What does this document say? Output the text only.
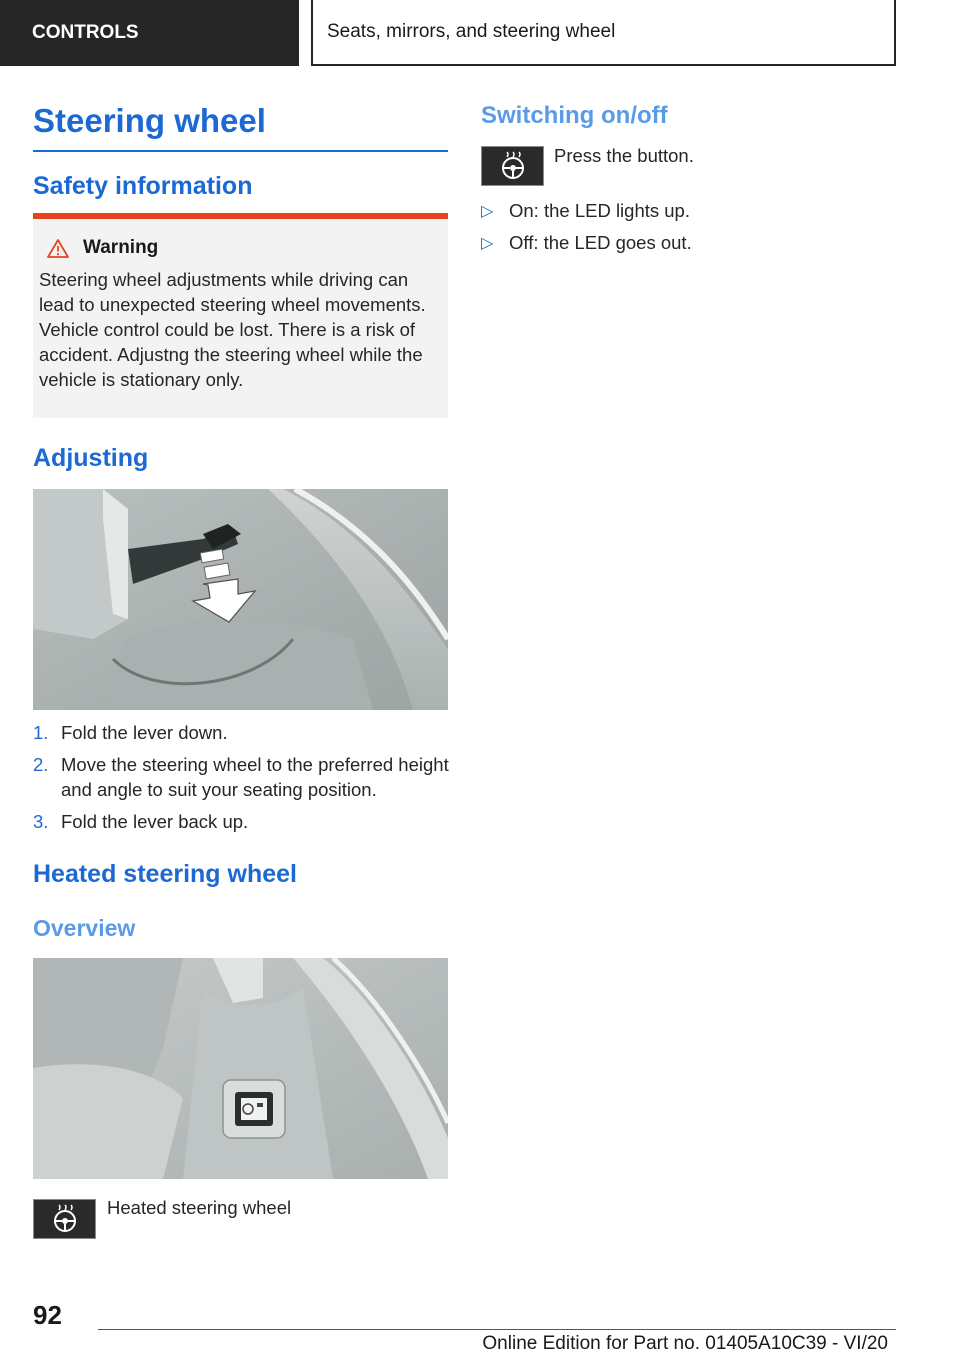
CONTROLS	Seats, mirrors, and steering wheel
Steering wheel
Safety information
Warning
Steering wheel adjustments while driving can lead to unexpected steering wheel movements. Vehicle control could be lost. There is a risk of accident. Adjustng the steering wheel while the vehicle is stationary only.
Adjusting
1. Fold the lever down.
2. Move the steering wheel to the preferred height and angle to suit your seating position.
3. Fold the lever back up.
Heated steering wheel
Overview
Heated steering wheel
Switching on/off
Press the button.
▷ On: the LED lights up.
▷ Off: the LED goes out.
92
Online Edition for Part no. 01405A10C39 - VI/20
